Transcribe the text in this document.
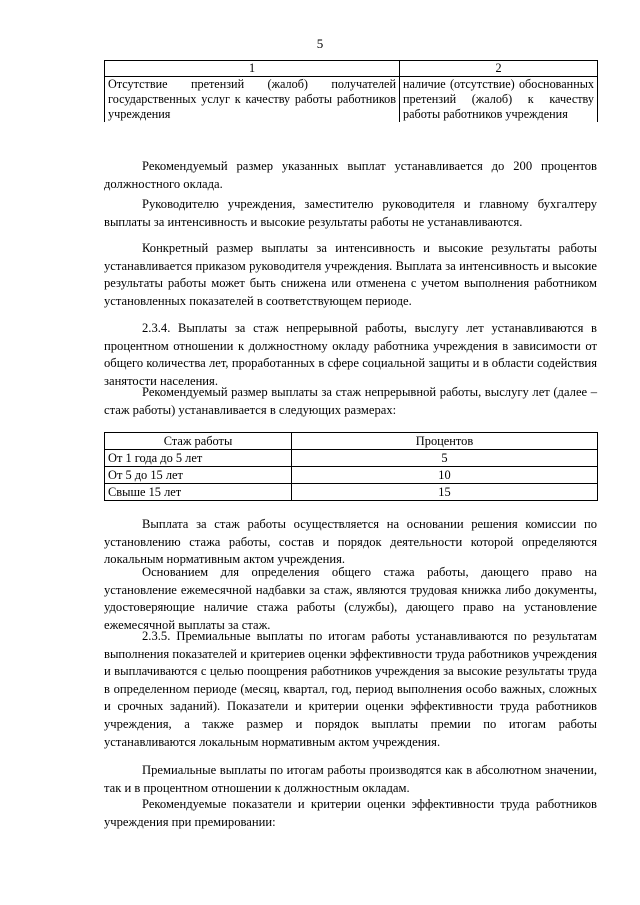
5
1	2
Отсутствие претензий (жалоб) получателей государственных услуг к качеству работы работников учреждения	наличие (отсутствие) обоснованных претензий (жалоб) к качеству работы работников учреждения

Рекомендуемый размер указанных выплат устанавливается до 200 процентов должностного оклада.

Руководителю учреждения, заместителю руководителя и главному бухгалтеру выплаты за интенсивность и высокие результаты работы не устанавливаются.

Конкретный размер выплаты за интенсивность и высокие результаты работы устанавливается приказом руководителя учреждения. Выплата за интенсивность и высокие результаты работы может быть снижена или отменена с учетом выполнения работником установленных показателей в соответствующем периоде.

2.3.4. Выплаты за стаж непрерывной работы, выслугу лет устанавливаются в процентном отношении к должностному окладу работника учреждения в зависимости от общего количества лет, проработанных в сфере социальной защиты и в области содействия занятости населения.

Рекомендуемый размер выплаты за стаж непрерывной работы, выслугу лет (далее – стаж работы) устанавливается в следующих размерах:

Стаж работы	Процентов
От 1 года до 5 лет	5
От 5 до 15 лет	10
Свыше 15 лет	15

Выплата за стаж работы осуществляется на основании решения комиссии по установлению стажа работы, состав и порядок деятельности которой определяются локальным нормативным актом учреждения.

Основанием для определения общего стажа работы, дающего право на установление ежемесячной надбавки за стаж, являются трудовая книжка либо документы, удостоверяющие наличие стажа работы (службы), дающего право на установление ежемесячной выплаты за стаж.

2.3.5. Премиальные выплаты по итогам работы устанавливаются по результатам выполнения показателей и критериев оценки эффективности труда работников учреждения и выплачиваются с целью поощрения работников учреждения за высокие результаты труда в определенном периоде (месяц, квартал, год, период выполнения особо важных, сложных и срочных заданий). Показатели и критерии оценки эффективности труда работников учреждения, а также размер и порядок выплаты премии по итогам работы устанавливаются локальным нормативным актом учреждения.

Премиальные выплаты по итогам работы производятся как в абсолютном значении, так и в процентном отношении к должностным окладам.

Рекомендуемые показатели и критерии оценки эффективности труда работников учреждения при премировании:
